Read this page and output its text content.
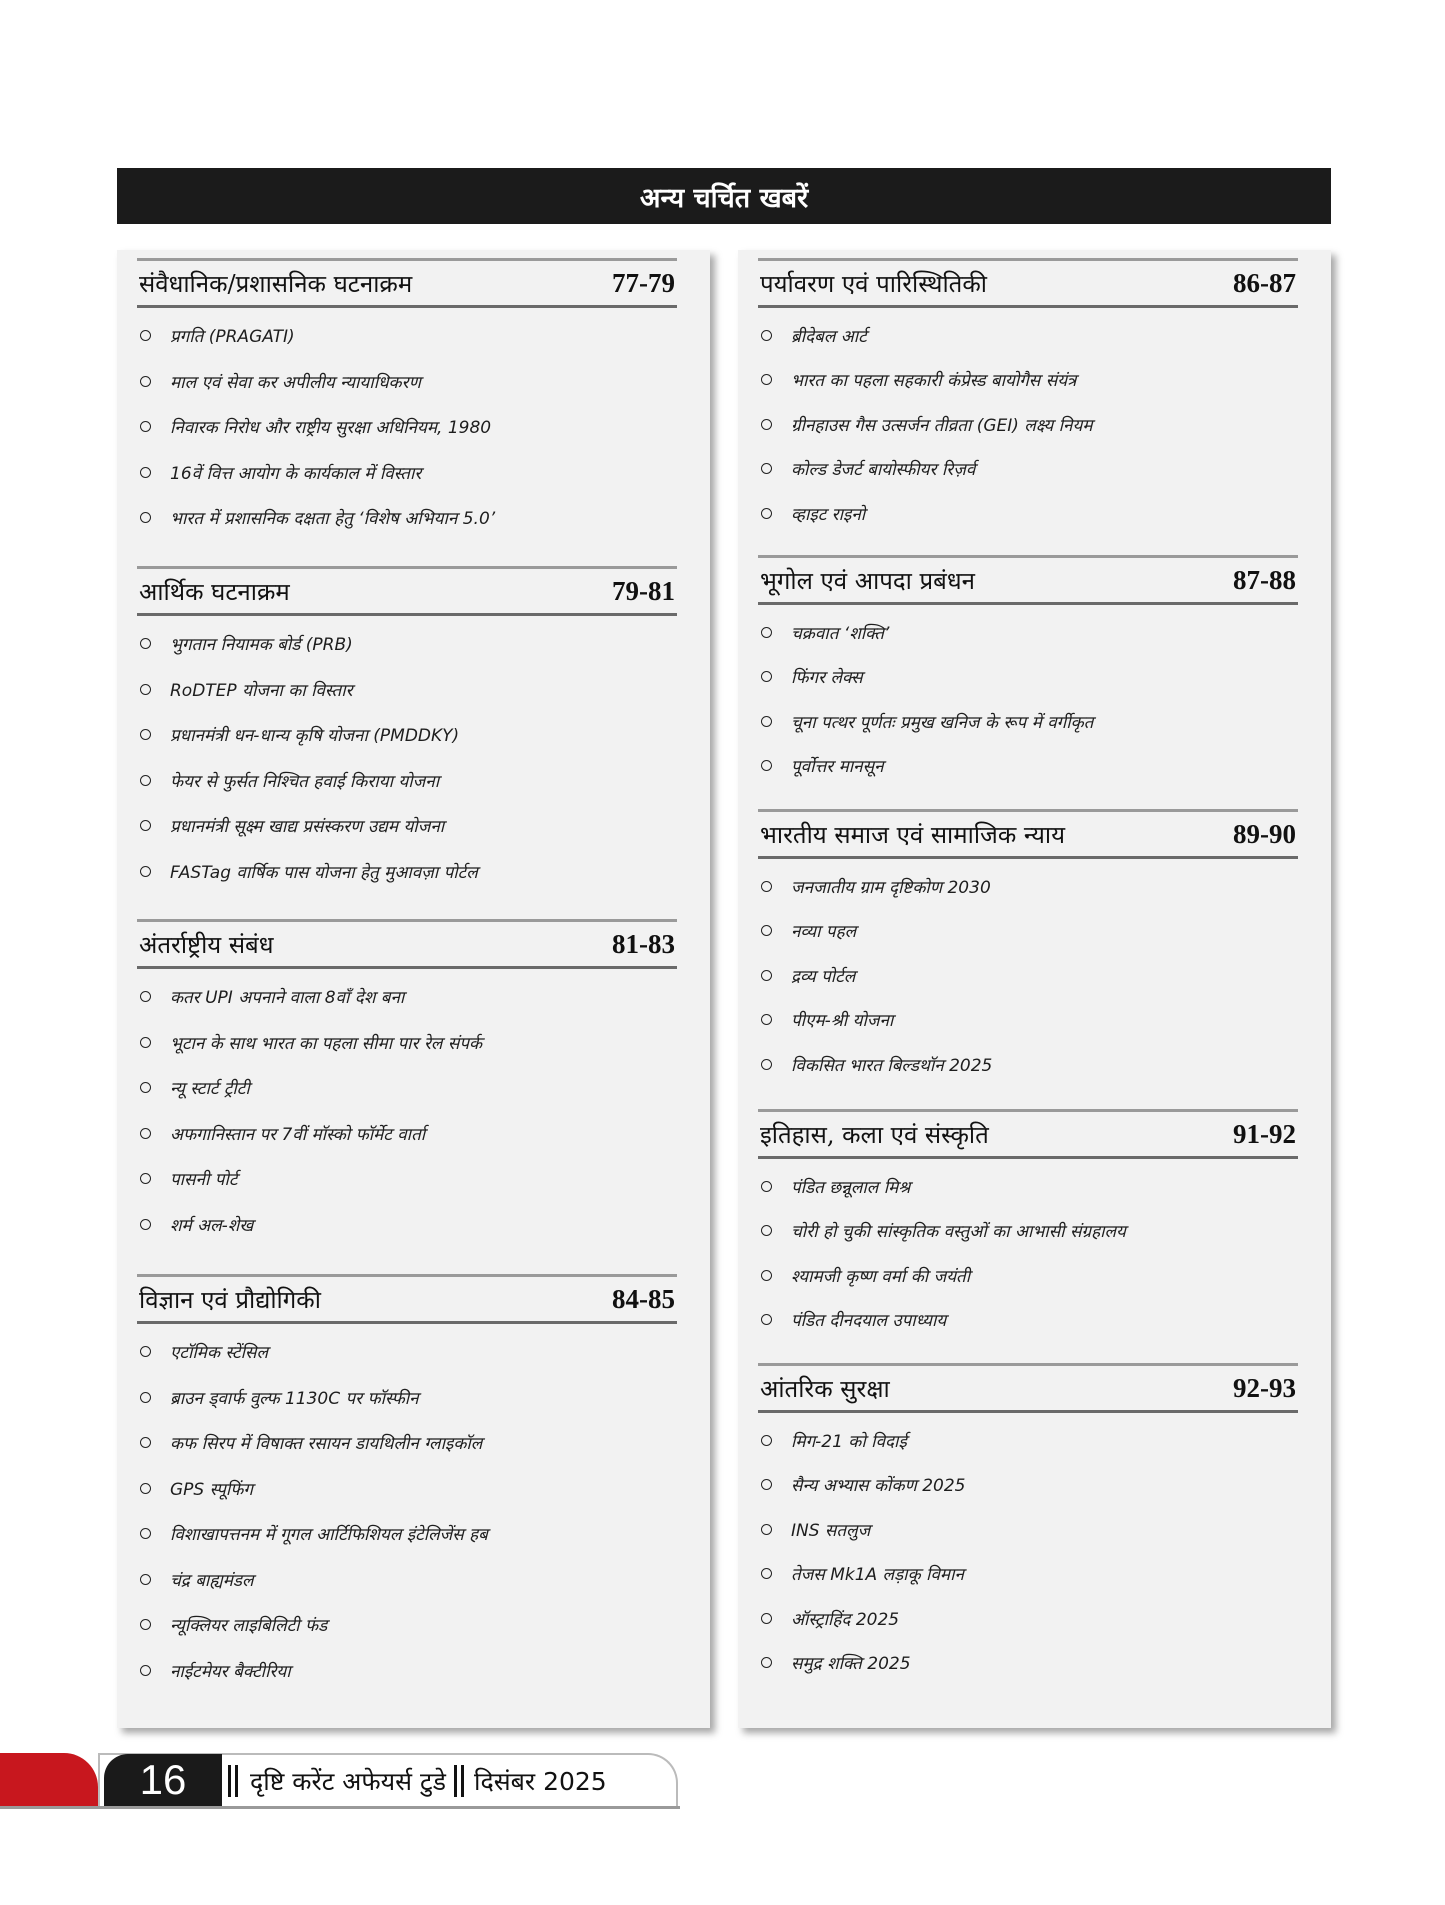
अन्य चर्चित खबरें
संवैधानिक/प्रशासनिक घटनाक्रम	77-79
प्रगति (PRAGATI)
माल एवं सेवा कर अपीलीय न्यायाधिकरण
निवारक निरोध और राष्ट्रीय सुरक्षा अधिनियम, 1980
16वें वित्त आयोग के कार्यकाल में विस्तार
भारत में प्रशासनिक दक्षता हेतु ‘विशेष अभियान 5.0’
आर्थिक घटनाक्रम	79-81
भुगतान नियामक बोर्ड (PRB)
RoDTEP योजना का विस्तार
प्रधानमंत्री धन-धान्य कृषि योजना (PMDDKY)
फेयर से फुर्सत निश्चित हवाई किराया योजना
प्रधानमंत्री सूक्ष्म खाद्य प्रसंस्करण उद्यम योजना
FASTag वार्षिक पास योजना हेतु मुआवज़ा पोर्टल
अंतर्राष्ट्रीय संबंध	81-83
कतर UPI अपनाने वाला 8वाँ देश बना
भूटान के साथ भारत का पहला सीमा पार रेल संपर्क
न्यू स्टार्ट ट्रीटी
अफगानिस्तान पर 7वीं मॉस्को फॉर्मेट वार्ता
पासनी पोर्ट
शर्म अल-शेख
विज्ञान एवं प्रौद्योगिकी	84-85
एटॉमिक स्टेंसिल
ब्राउन ड्वार्फ वुल्फ 1130C पर फॉस्फीन
कफ सिरप में विषाक्त रसायन डायथिलीन ग्लाइकॉल
GPS स्पूफिंग
विशाखापत्तनम में गूगल आर्टिफिशियल इंटेलिजेंस हब
चंद्र बाह्यमंडल
न्यूक्लियर लाइबिलिटी फंड
नाईटमेयर बैक्टीरिया
पर्यावरण एवं पारिस्थितिकी	86-87
ब्रीदेबल आर्ट
भारत का पहला सहकारी कंप्रेस्ड बायोगैस संयंत्र
ग्रीनहाउस गैस उत्सर्जन तीव्रता (GEI) लक्ष्य नियम
कोल्ड डेजर्ट बायोस्फीयर रिज़र्व
व्हाइट राइनो
भूगोल एवं आपदा प्रबंधन	87-88
चक्रवात ‘शक्ति’
फिंगर लेक्स
चूना पत्थर पूर्णतः प्रमुख खनिज के रूप में वर्गीकृत
पूर्वोत्तर मानसून
भारतीय समाज एवं सामाजिक न्याय	89-90
जनजातीय ग्राम दृष्टिकोण 2030
नव्या पहल
द्रव्य पोर्टल
पीएम-श्री योजना
विकसित भारत बिल्डथॉन 2025
इतिहास, कला एवं संस्कृति	91-92
पंडित छन्नूलाल मिश्र
चोरी हो चुकी सांस्कृतिक वस्तुओं का आभासी संग्रहालय
श्यामजी कृष्ण वर्मा की जयंती
पंडित दीनदयाल उपाध्याय
आंतरिक सुरक्षा	92-93
मिग-21 को विदाई
सैन्य अभ्यास कोंकण 2025
INS सतलुज
तेजस Mk1A लड़ाकू विमान
ऑस्ट्राहिंद 2025
समुद्र शक्ति 2025
16	दृष्टि करेंट अफेयर्स टुडे दिसंबर 2025
